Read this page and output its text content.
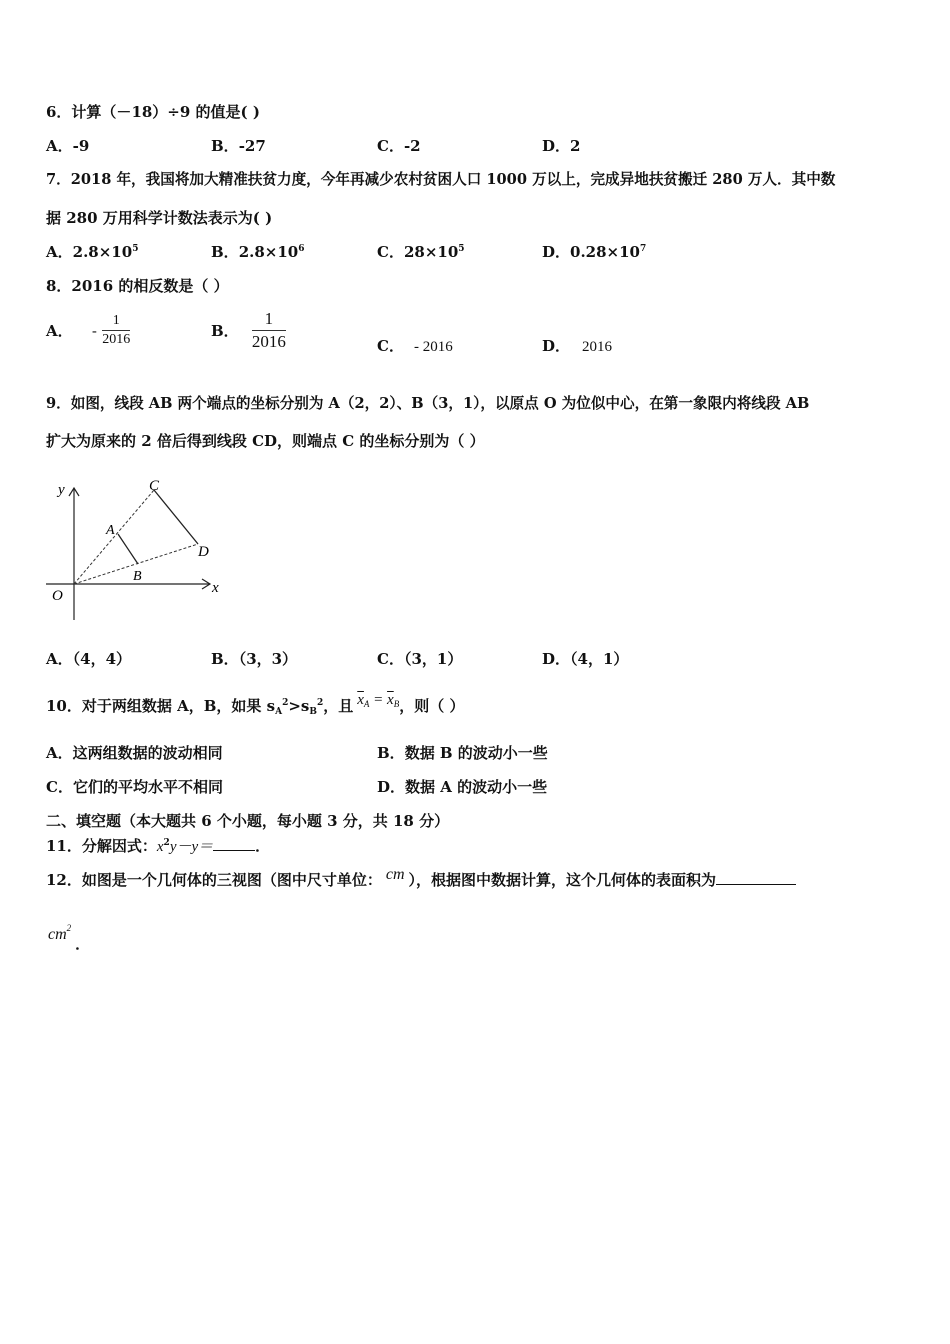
6．计算（－18）÷9 的值是( )
A．-9	B．-27	C．-2	D．2
7．2018 年，我国将加大精准扶贫力度，今年再减少农村贫困人口 1000 万以上，完成异地扶贫搬迁 280 万人．其中数
据 280 万用科学计数法表示为( )
A．$2.8\times 10^5$	B．$2.8\times 10^6$	C．$28\times 10^5$	D．$0.28\times 10^7$
8．2016 的相反数是（ ）
A． - $\frac{1}{2016}$	B． $\frac{1}{2016}$	C． - 2016	D． 2016
9．如图，线段 AB 两个端点的坐标分别为 A（2，2）、B（3，1），以原点 O 为位似中心，在第一象限内将线段 AB
扩大为原来的 2 倍后得到线段 CD，则端点 C 的坐标分别为（ ）
y
x
O
A
B
C
D
A．（4，4）	B．（3，3）	C．（3，1）	D．（4，1）
10．对于两组数据 A，B，如果 $s_A^2>s_B^2$，且 $\overline{x}_A = \overline{x}_B$，则（ ）
A．这两组数据的波动相同	B．数据 B 的波动小一些
C．它们的平均水平不相同	D．数据 A 的波动小一些
二、填空题（本大题共 6 个小题，每小题 3 分，共 18 分）
11．分解因式：$x^2y-y=$	．
12．如图是一个几何体的三视图（图中尺寸单位： cm ），根据图中数据计算，这个几何体的表面积为
$cm^2$．
